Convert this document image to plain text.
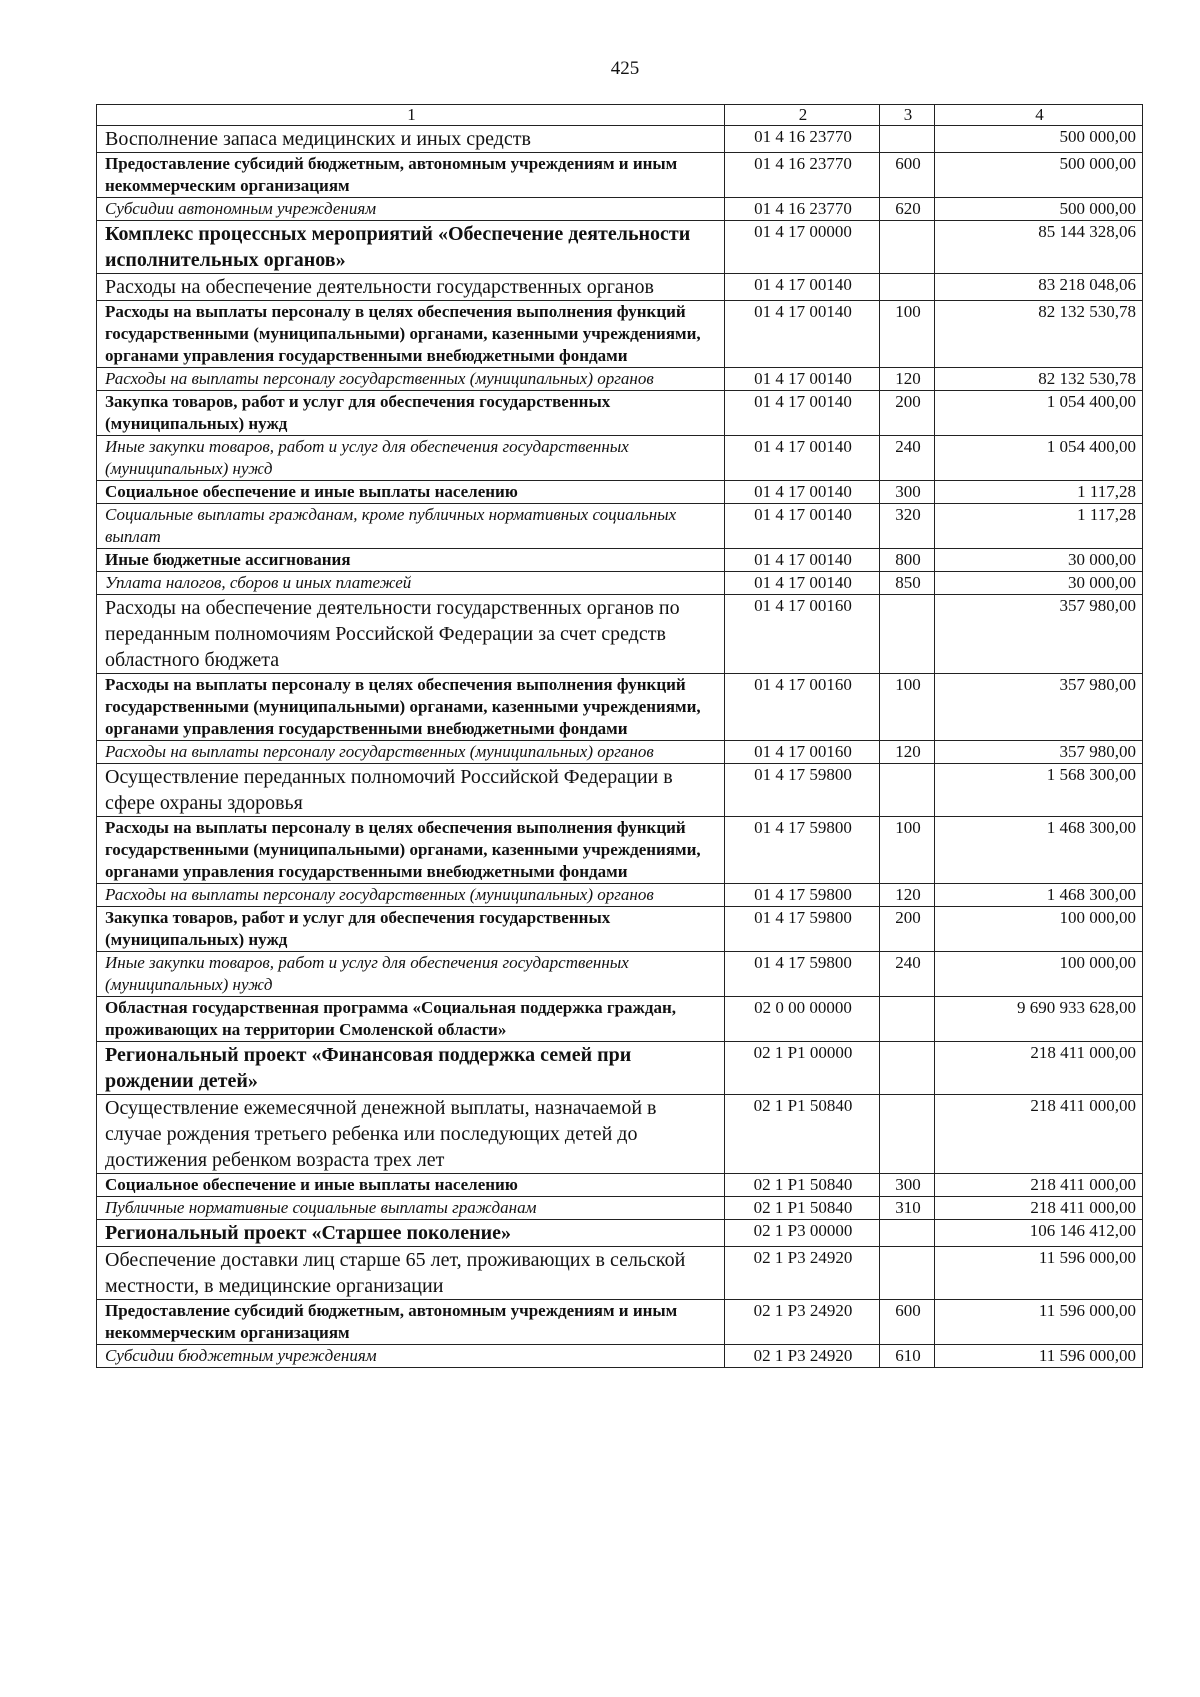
425
1	2	3	4
Восполнение запаса медицинских и иных средств	01 4 16 23770		500 000,00
Предоставление субсидий бюджетным, автономным учреждениям и иным некоммерческим организациям	01 4 16 23770	600	500 000,00
Субсидии автономным учреждениям	01 4 16 23770	620	500 000,00
Комплекс процессных мероприятий «Обеспечение деятельности исполнительных органов»	01 4 17 00000		85 144 328,06
Расходы на обеспечение деятельности государственных органов	01 4 17 00140		83 218 048,06
Расходы на выплаты персоналу в целях обеспечения выполнения функций государственными (муниципальными) органами, казенными учреждениями, органами управления государственными внебюджетными фондами	01 4 17 00140	100	82 132 530,78
Расходы на выплаты персоналу государственных (муниципальных) органов	01 4 17 00140	120	82 132 530,78
Закупка товаров, работ и услуг для обеспечения государственных (муниципальных) нужд	01 4 17 00140	200	1 054 400,00
Иные закупки товаров, работ и услуг для обеспечения государственных (муниципальных) нужд	01 4 17 00140	240	1 054 400,00
Социальное обеспечение и иные выплаты населению	01 4 17 00140	300	1 117,28
Социальные выплаты гражданам, кроме публичных нормативных социальных выплат	01 4 17 00140	320	1 117,28
Иные бюджетные ассигнования	01 4 17 00140	800	30 000,00
Уплата налогов, сборов и иных платежей	01 4 17 00140	850	30 000,00
Расходы на обеспечение деятельности государственных органов по переданным полномочиям Российской Федерации за счет средств областного бюджета	01 4 17 00160		357 980,00
Расходы на выплаты персоналу в целях обеспечения выполнения функций государственными (муниципальными) органами, казенными учреждениями, органами управления государственными внебюджетными фондами	01 4 17 00160	100	357 980,00
Расходы на выплаты персоналу государственных (муниципальных) органов	01 4 17 00160	120	357 980,00
Осуществление переданных полномочий Российской Федерации в сфере охраны здоровья	01 4 17 59800		1 568 300,00
Расходы на выплаты персоналу в целях обеспечения выполнения функций государственными (муниципальными) органами, казенными учреждениями, органами управления государственными внебюджетными фондами	01 4 17 59800	100	1 468 300,00
Расходы на выплаты персоналу государственных (муниципальных) органов	01 4 17 59800	120	1 468 300,00
Закупка товаров, работ и услуг для обеспечения государственных (муниципальных) нужд	01 4 17 59800	200	100 000,00
Иные закупки товаров, работ и услуг для обеспечения государственных (муниципальных) нужд	01 4 17 59800	240	100 000,00
Областная государственная программа «Социальная поддержка граждан, проживающих на территории Смоленской области»	02 0 00 00000		9 690 933 628,00
Региональный проект «Финансовая поддержка семей при рождении детей»	02 1 Р1 00000		218 411 000,00
Осуществление ежемесячной денежной выплаты, назначаемой в случае рождения третьего ребенка или последующих детей до достижения ребенком возраста трех лет	02 1 Р1 50840		218 411 000,00
Социальное обеспечение и иные выплаты населению	02 1 Р1 50840	300	218 411 000,00
Публичные нормативные социальные выплаты гражданам	02 1 Р1 50840	310	218 411 000,00
Региональный проект «Старшее поколение»	02 1 Р3 00000		106 146 412,00
Обеспечение доставки лиц старше 65 лет, проживающих в сельской местности, в медицинские организации	02 1 Р3 24920		11 596 000,00
Предоставление субсидий бюджетным, автономным учреждениям и иным некоммерческим организациям	02 1 Р3 24920	600	11 596 000,00
Субсидии бюджетным учреждениям	02 1 Р3 24920	610	11 596 000,00
